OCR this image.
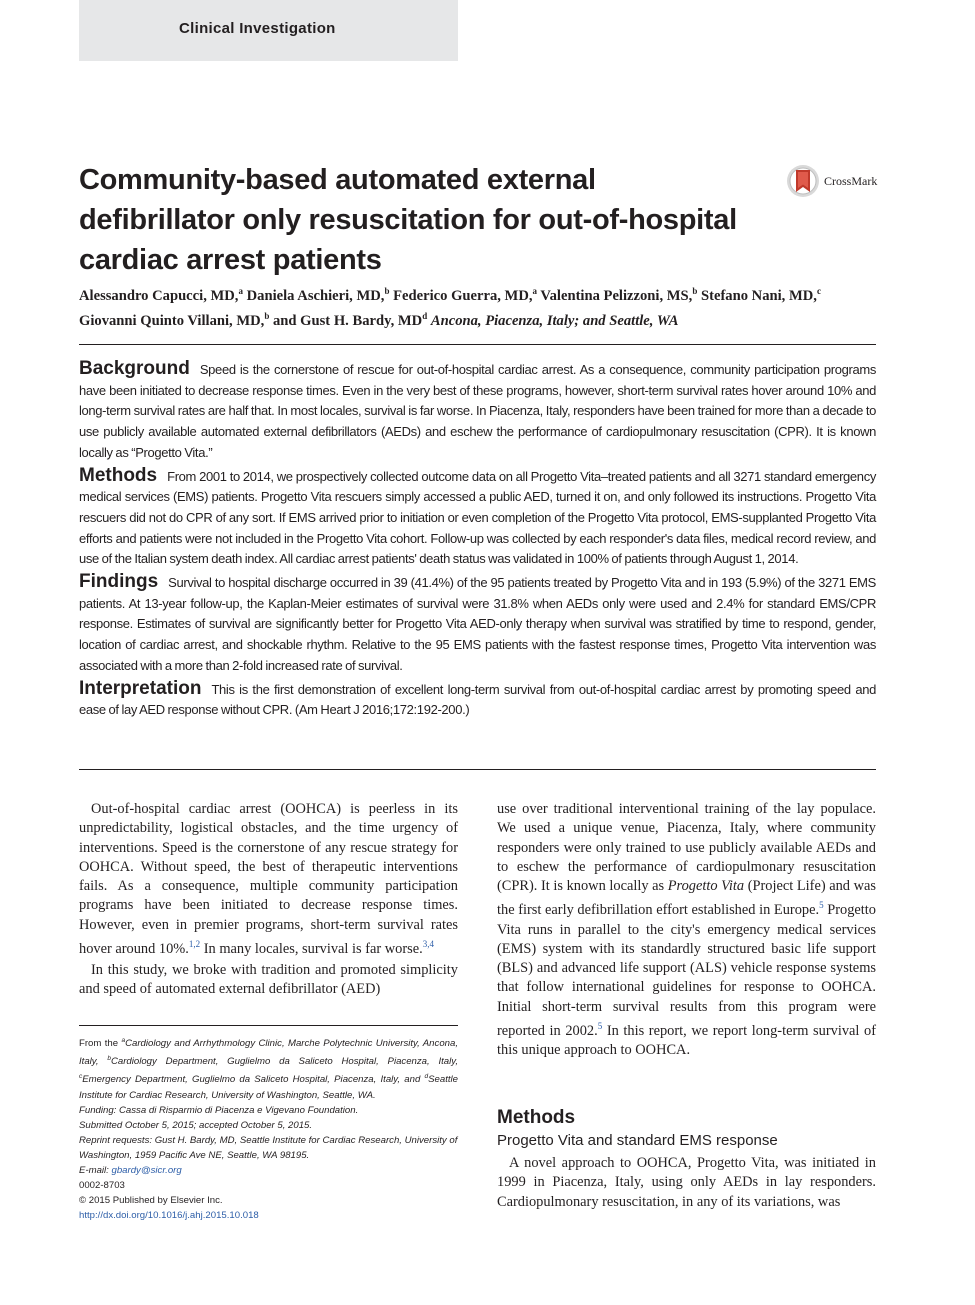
Clinical Investigation
Community-based automated external defibrillator only resuscitation for out-of-hospital cardiac arrest patients
CrossMark
Alessandro Capucci, MD,$^a$ Daniela Aschieri, MD,$^b$ Federico Guerra, MD,$^a$ Valentina Pelizzoni, MS,$^b$ Stefano Nani, MD,$^c$
Giovanni Quinto Villani, MD,$^b$ and Gust H. Bardy, $MD^d$ Ancona, Piacenza, Italy; and Seattle, WA

Background Speed is the cornerstone of rescue for out-of-hospital cardiac arrest. As a consequence, community participation programs have been initiated to decrease response times. Even in the very best of these programs, however, short-term survival rates hover around 10% and long-term survival rates are half that. In most locales, survival is far worse. In Piacenza, Italy, responders have been trained for more than a decade to use publicly available automated external defibrillators (AEDs) and eschew the performance of cardiopulmonary resuscitation (CPR). It is known locally as “Progetto Vita.”

Methods From 2001 to 2014, we prospectively collected outcome data on all Progetto Vita–treated patients and all 3271 standard emergency medical services (EMS) patients. Progetto Vita rescuers simply accessed a public AED, turned it on, and only followed its instructions. Progetto Vita rescuers did not do CPR of any sort. If EMS arrived prior to initiation or even completion of the Progetto Vita protocol, EMS-supplanted Progetto Vita efforts and patients were not included in the Progetto Vita cohort. Follow-up was collected by each responder's data files, medical record review, and use of the Italian system death index. All cardiac arrest patients' death status was validated in 100% of patients through August 1, 2014.

Findings Survival to hospital discharge occurred in 39 (41.4%) of the 95 patients treated by Progetto Vita and in 193 (5.9%) of the 3271 EMS patients. At 13-year follow-up, the Kaplan-Meier estimates of survival were 31.8% when AEDs only were used and 2.4% for standard EMS/CPR response. Estimates of survival are significantly better for Progetto Vita AED-only therapy when survival was stratified by time to respond, gender, location of cardiac arrest, and shockable rhythm. Relative to the 95 EMS patients with the fastest response times, Progetto Vita intervention was associated with a more than 2-fold increased rate of survival.

Interpretation This is the first demonstration of excellent long-term survival from out-of-hospital cardiac arrest by promoting speed and ease of lay AED response without CPR. (Am Heart J 2016;172:192-200.)

Out-of-hospital cardiac arrest (OOHCA) is peerless in its unpredictability, logistical obstacles, and the time urgency of interventions. Speed is the cornerstone of any rescue strategy for OOHCA. Without speed, the best of therapeutic interventions fails. As a consequence, multiple community participation programs have been initiated to decrease response times. However, even in premier programs, short-term survival rates hover around 10%.$^{1,2}$ In many locales, survival is far worse.$^{3,4}$

In this study, we broke with tradition and promoted simplicity and speed of automated external defibrillator (AED)

From the $^a$Cardiology and Arrhythmology Clinic, Marche Polytechnic University, Ancona, Italy, $^b$Cardiology Department, Guglielmo da Saliceto Hospital, Piacenza, Italy, $^c$Emergency Department, Guglielmo da Saliceto Hospital, Piacenza, Italy, and $^d$Seattle Institute for Cardiac Research, University of Washington, Seattle, WA.
Funding: Cassa di Risparmio di Piacenza e Vigevano Foundation.
Submitted October 5, 2015; accepted October 5, 2015.
Reprint requests: Gust H. Bardy, MD, Seattle Institute for Cardiac Research, University of Washington, 1959 Pacific Ave NE, Seattle, WA 98195.
E-mail: gbardy@sicr.org
0002-8703
© 2015 Published by Elsevier Inc.
http://dx.doi.org/10.1016/j.ahj.2015.10.018

use over traditional interventional training of the lay populace. We used a unique venue, Piacenza, Italy, where community responders were only trained to use publicly available AEDs and to eschew the performance of cardiopulmonary resuscitation (CPR). It is known locally as Progetto Vita (Project Life) and was the first early defibrillation effort established in Europe.$^5$ Progetto Vita runs in parallel to the city's emergency medical services (EMS) system with its standardly structured basic life support (BLS) and advanced life support (ALS) vehicle response systems that follow international guidelines for response to OOHCA. Initial short-term survival results from this program were reported in 2002.$^5$ In this report, we report long-term survival of this unique approach to OOHCA.

Methods
Progetto Vita and standard EMS response

A novel approach to OOHCA, Progetto Vita, was initiated in 1999 in Piacenza, Italy, using only AEDs in lay responders. Cardiopulmonary resuscitation, in any of its variations, was
